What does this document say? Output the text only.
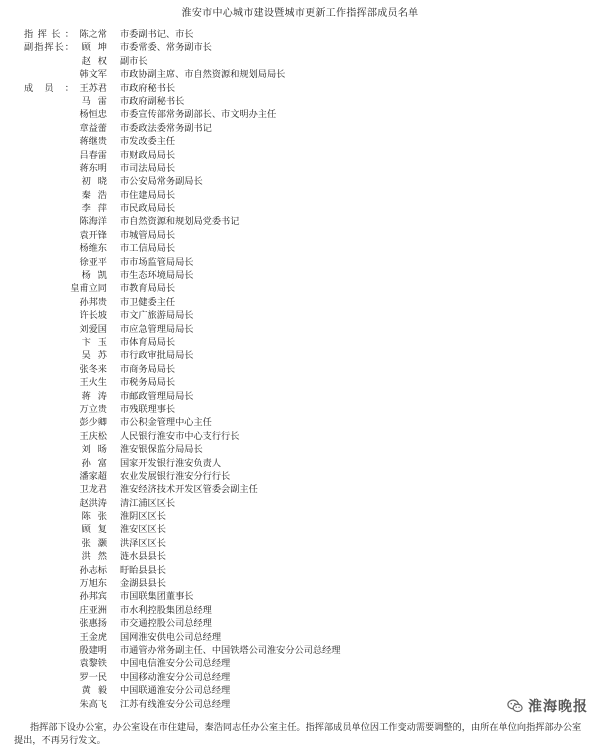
淮安市中心城市建设暨城市更新工作指挥部成员名单
指挥长： 陈之常 市委副书记、市长
副指挥长： 顾坤 市委常委、常务副市长
赵权 副市长
韩文军 市政协副主席、市自然资源和规划局局长
成员： 王苏君 市政府秘书长
马雷 市政府副秘书长
杨恒忠 市委宣传部常务副部长、市文明办主任
章益蕾 市委政法委常务副书记
蒋继贵 市发改委主任
吕春雷 市财政局局长
蒋东明 市司法局局长
初晓 市公安局常务副局长
秦浩 市住建局局长
李萍 市民政局局长
陈海洋 市自然资源和规划局党委书记
袁开锋 市城管局局长
杨维东 市工信局局长
徐亚平 市市场监管局局长
杨凯 市生态环境局局长
皇甫立同 市教育局局长
孙邦贵 市卫健委主任
许长坡 市文广旅游局局长
刘爱国 市应急管理局局长
卞玉 市体育局局长
吴苏 市行政审批局局长
张冬来 市商务局局长
王火生 市税务局局长
蒋涛 市邮政管理局局长
万立贵 市残联理事长
彭少卿 市公积金管理中心主任
王庆松 人民银行淮安市中心支行行长
刘旸 淮安银保监分局局长
孙富 国家开发银行淮安负责人
潘家超 农业发展银行淮安分行行长
卫龙君 淮安经济技术开发区管委会副主任
赵洪涛 清江浦区区长
陈张 淮阴区区长
顾复 淮安区区长
张灏 洪泽区区长
洪然 涟水县县长
孙志标 盱眙县县长
万旭东 金湖县县长
孙邦宾 市国联集团董事长
庄亚洲 市水利控股集团总经理
张惠扬 市交通控股公司总经理
王金虎 国网淮安供电公司总经理
殷建明 市通管办常务副主任、中国铁塔公司淮安分公司总经理
袁黎铁 中国电信淮安分公司总经理
罗一民 中国移动淮安分公司总经理
黄毅 中国联通淮安分公司总经理
朱高飞 江苏有线淮安分公司总经理
指挥部下设办公室，办公室设在市住建局，秦浩同志任办公室主任。指挥部成员单位因工作变动需要调整的，由所在单位向指挥部办公室提出，不再另行发文。
淮海晚报
